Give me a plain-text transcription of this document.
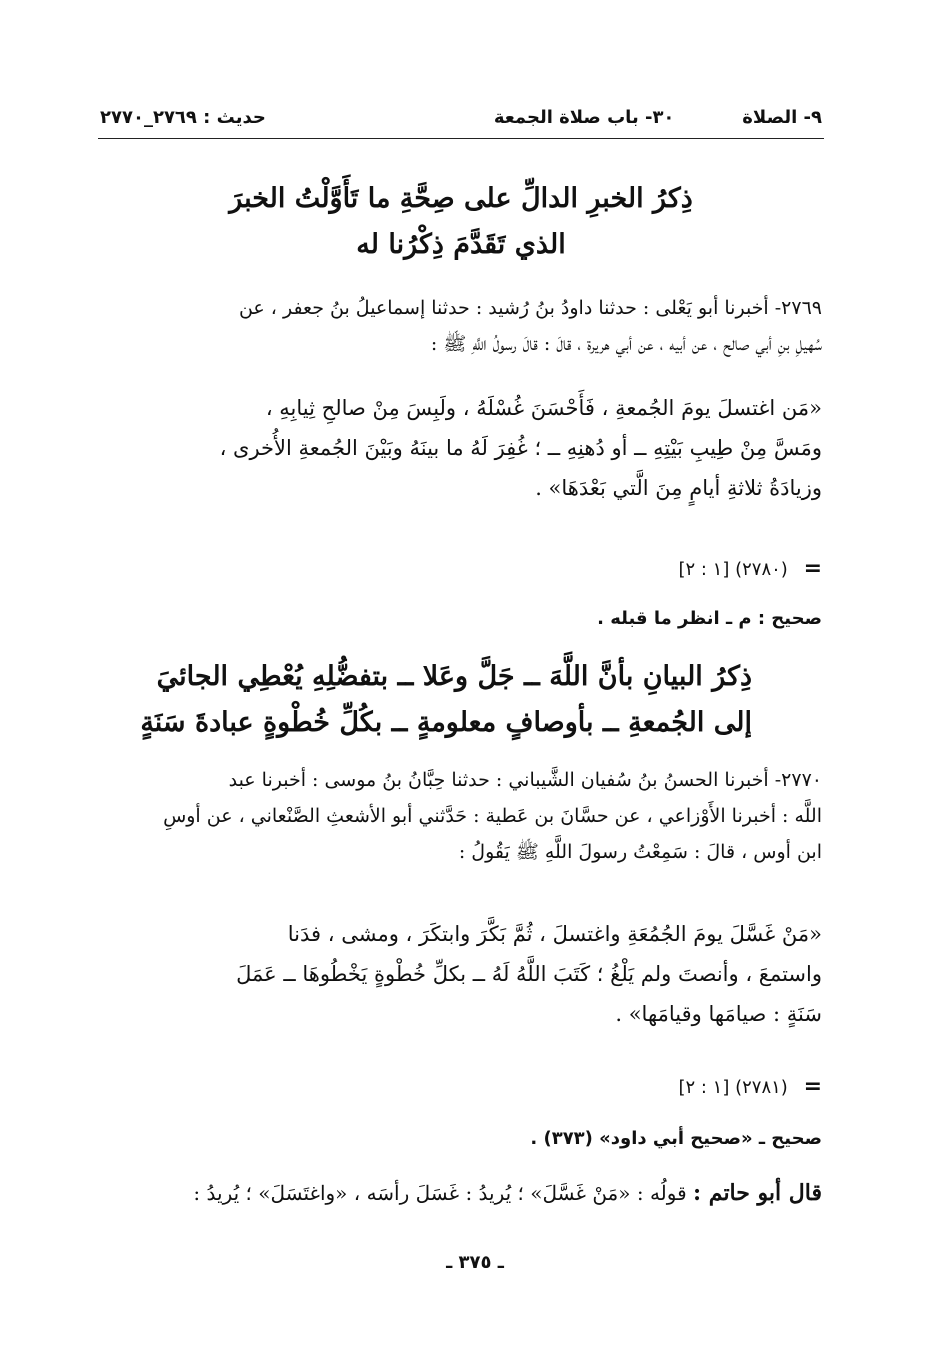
٩- الصلاة
٣٠- باب صلاة الجمعة
حديث : ٢٧٦٩_٢٧٧٠
ذِكرُ الخبرِ الدالِّ على صِحَّةِ ما تَأَوَّلْتُ الخبرَ
الذي تَقَدَّمَ ذِكْرُنا له
٢٧٦٩- أخبرنا أبو يَعْلى : حدثنا داودُ بنُ رُشيد : حدثنا إسماعيلُ بنُ جعفر ، عن
سُهيلِ بنِ أبي صالح ، عن أبيه ، عن أبي هريرة ، قالَ : قالَ رسولُ اللَّهِ ﷺ :
«مَن اغتسلَ يومَ الجُمعةِ ، فَأَحْسَنَ غُسْلَهُ ، ولَبِسَ مِنْ صالحِ ثِيابِهِ ،
ومَسَّ مِنْ طِيبِ بَيْتِهِ ــ أو دُهنِهِ ــ ؛ غُفِرَ لَهُ ما بينَهُ وبَيْنَ الجُمعةِ الأُخرى ،
وزيادَةُ ثلاثةِ أيامٍ مِنَ الَّتي بَعْدَهَا» .
= (٢٧٨٠) [١ : ٢]
صحيح : م ـ انظر ما قبله .
ذِكرُ البيانِ بأنَّ اللَّهَ ــ جَلَّ وعَلا ــ بتفضُّلِهِ يُعْطِي الجائيَ
إلى الجُمعةِ ــ بأوصافٍ معلومةٍ ــ بكُلِّ خُطْوةٍ عبادةَ سَنَةٍ
٢٧٧٠- أخبرنا الحسنُ بنُ سُفيان الشَّيباني : حدثنا حِبَّانُ بنُ موسى : أخبرنا عبد
اللَّه : أخبرنا الأَوْزاعي ، عن حسَّانَ بن عَطية : حَدَّثني أبو الأشعثِ الصَّنْعاني ، عن أوسِ
ابن أوس ، قالَ : سَمِعْتُ رسولَ اللَّهِ ﷺ يَقُولُ :
«مَنْ غَسَّلَ يومَ الجُمُعَةِ واغتسلَ ، ثُمَّ بَكَّرَ وابتكَرَ ، ومشى ، فدَنا
واستمعَ ، وأنصتَ ولم يَلْغُ ؛ كَتَبَ اللَّهُ لَهُ ــ بكلِّ خُطْوةٍ يَخْطُوهَا ــ عَمَلَ
سَنَةٍ : صيامَها وقيامَها» .
= (٢٧٨١) [١ : ٢]
صحيح ـ «صحيح أبي داود» (٣٧٣) .
قال أبو حاتم : قولُه : «مَنْ غَسَّلَ» ؛ يُريدُ : غَسَلَ رأسَه ، «واغتَسَلَ» ؛ يُريدُ :
ـ ٣٧٥ ـ
